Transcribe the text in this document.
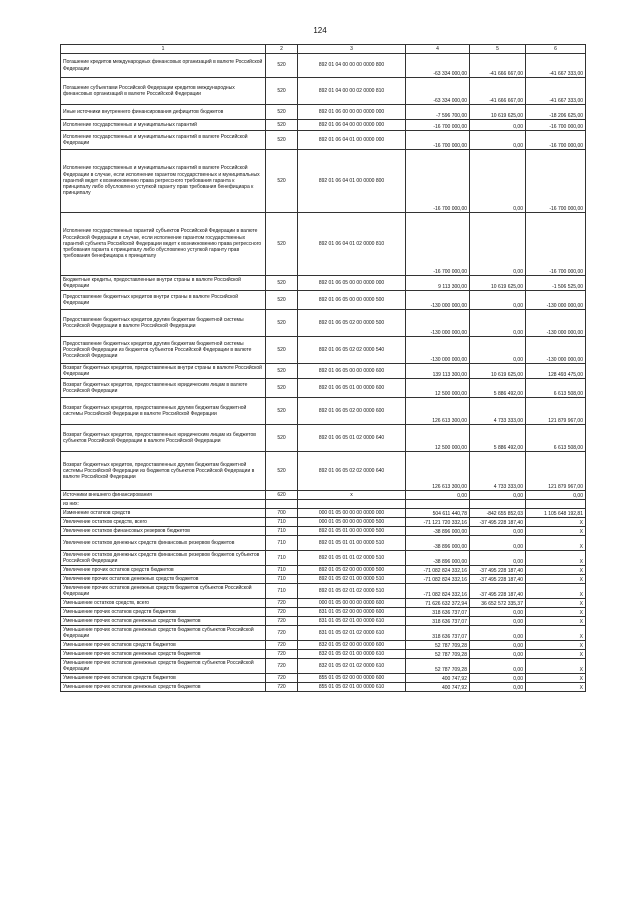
124
1	2	3	4	5	6
Погашение кредитов международных финансовых организаций в валюте Российской Федерации	520	892 01 04 00 00 00 0000 800	-63 334 000,00	-41 666 667,00	-41 667 333,00
Погашение субъектами Российской Федерации кредитов международных финансовых организаций в валюте Российской Федерации	520	892 01 04 00 00 02 0000 810	-63 334 000,00	-41 666 667,00	-41 667 333,00
Иные источники внутреннего финансирования дефицитов бюджетов	520	892 01 06 00 00 00 0000 000	-7 596 700,00	10 619 625,00	-18 206 625,00
Исполнение государственных и муниципальных гарантий	520	892 01 06 04 00 00 0000 000	-16 700 000,00	0,00	-16 700 000,00
Исполнение государственных и муниципальных гарантий в валюте Российской Федерации	520	892 01 06 04 01 00 0000 000	-16 700 000,00	0,00	-16 700 000,00
Исполнение государственных и муниципальных гарантий в валюте Российской Федерации в случае, если исполнение гарантом государственных и муниципальных гарантий ведет к возникновению права регрессного требования гаранта к принципалу либо обусловлено уступкой гаранту прав требования бенефициара к принципалу	520	892 01 06 04 01 00 0000 800	-16 700 000,00	0,00	-16 700 000,00
Исполнение государственных гарантий субъектов Российской Федерации в валюте Российской Федерации в случае, если исполнение гарантом государственных гарантий субъекта Российской Федерации ведет к возникновению права регрессного требования гаранта к принципалу либо обусловлено уступкой гаранту прав требования бенефициара к принципалу	520	892 01 06 04 01 02 0000 810	-16 700 000,00	0,00	-16 700 000,00
Бюджетные кредиты, предоставленные внутри страны в валюте Российской Федерации	520	892 01 06 05 00 00 0000 000	9 113 300,00	10 619 625,00	-1 506 525,00
Предоставление бюджетных кредитов внутри страны в валюте Российской Федерации	520	892 01 06 05 00 00 0000 500	-130 000 000,00	0,00	-130 000 000,00
Предоставление бюджетных кредитов другим бюджетам бюджетной системы Российской Федерации в валюте Российской Федерации	520	892 01 06 05 02 00 0000 500	-130 000 000,00	0,00	-130 000 000,00
Предоставление бюджетных кредитов другим бюджетам бюджетной системы Российской Федерации из бюджетов субъектов Российской Федерации в валюте Российской Федерации	520	892 01 06 05 02 02 0000 540	-130 000 000,00	0,00	-130 000 000,00
Возврат бюджетных кредитов, предоставленных внутри страны в валюте Российской Федерации	520	892 01 06 05 00 00 0000 600	139 113 300,00	10 619 625,00	128 493 475,00
Возврат бюджетных кредитов, предоставленных юридическим лицам в валюте Российской Федерации	520	892 01 06 05 01 00 0000 600	12 500 000,00	5 886 492,00	6 613 508,00
Возврат бюджетных кредитов, предоставленных другим бюджетам бюджетной системы Российской Федерации в валюте Российской Федерации	520	892 01 06 05 02 00 0000 600	126 613 300,00	4 733 333,00	121 879 967,00
Возврат бюджетных кредитов, предоставленных юридическим лицам из бюджетов субъектов Российской Федерации в валюте Российской Федерации	520	892 01 06 05 01 02 0000 640	12 500 000,00	5 886 492,00	6 613 508,00
Возврат бюджетных кредитов, предоставленных другим бюджетам бюджетной системы Российской Федерации из бюджетов субъектов Российской Федерации в валюте Российской Федерации	520	892 01 06 05 02 02 0000 640	126 613 300,00	4 733 333,00	121 879 967,00
Источники внешнего финансирования	620	x	0,00	0,00	0,00
из них:					
Изменение остатков средств	700	000 01 05 00 00 00 0000 000	504 611 440,78	-842 655 852,03	1 105 648 192,81
Увеличение остатков средств, всего	710	000 01 05 00 00 00 0000 500	-71 121 720 332,16	-37 495 228 187,40	X
Увеличение остатков финансовых резервов бюджетов	710	892 01 05 01 00 00 0000 500	-38 896 000,00	0,00	X
Увеличение остатков денежных средств финансовых резервов бюджетов	710	892 01 05 01 01 00 0000 510	-38 896 000,00	0,00	X
Увеличение остатков денежных средств финансовых резервов бюджетов субъектов Российской Федерации	710	892 01 05 01 01 02 0000 510	-38 896 000,00	0,00	X
Увеличение прочих остатков средств бюджетов	710	892 01 05 02 00 00 0000 500	-71 082 824 332,16	-37 495 228 187,40	X
Увеличение прочих остатков денежных средств бюджетов	710	892 01 05 02 01 00 0000 510	-71 082 824 332,16	-37 495 228 187,40	X
Увеличение прочих остатков денежных средств бюджетов субъектов Российской Федерации	710	892 01 05 02 01 02 0000 510	-71 082 824 332,16	-37 495 228 187,40	X
Уменьшение остатков средств, всего	720	000 01 05 00 00 00 0000 600	71 626 632 372,94	36 652 572 335,37	X
Уменьшение прочих остатков средств бюджетов	720	831 01 05 02 00 00 0000 600	318 636 737,07	0,00	X
Уменьшение прочих остатков денежных средств бюджетов	720	831 01 05 02 01 00 0000 610	318 636 737,07	0,00	X
Уменьшение прочих остатков денежных средств бюджетов субъектов Российской Федерации	720	831 01 05 02 01 02 0000 610	318 636 737,07	0,00	X
Уменьшение прочих остатков средств бюджетов	720	832 01 05 02 00 00 0000 600	52 787 709,28	0,00	X
Уменьшение прочих остатков денежных средств бюджетов	720	832 01 05 02 01 00 0000 610	52 787 709,28	0,00	X
Уменьшение прочих остатков денежных средств бюджетов субъектов Российской Федерации	720	832 01 05 02 01 02 0000 610	52 787 709,28	0,00	X
Уменьшение прочих остатков средств бюджетов	720	855 01 05 02 00 00 0000 600	400 747,92	0,00	X
Уменьшение прочих остатков денежных средств бюджетов	720	855 01 05 02 01 00 0000 610	400 747,92	0,00	X
